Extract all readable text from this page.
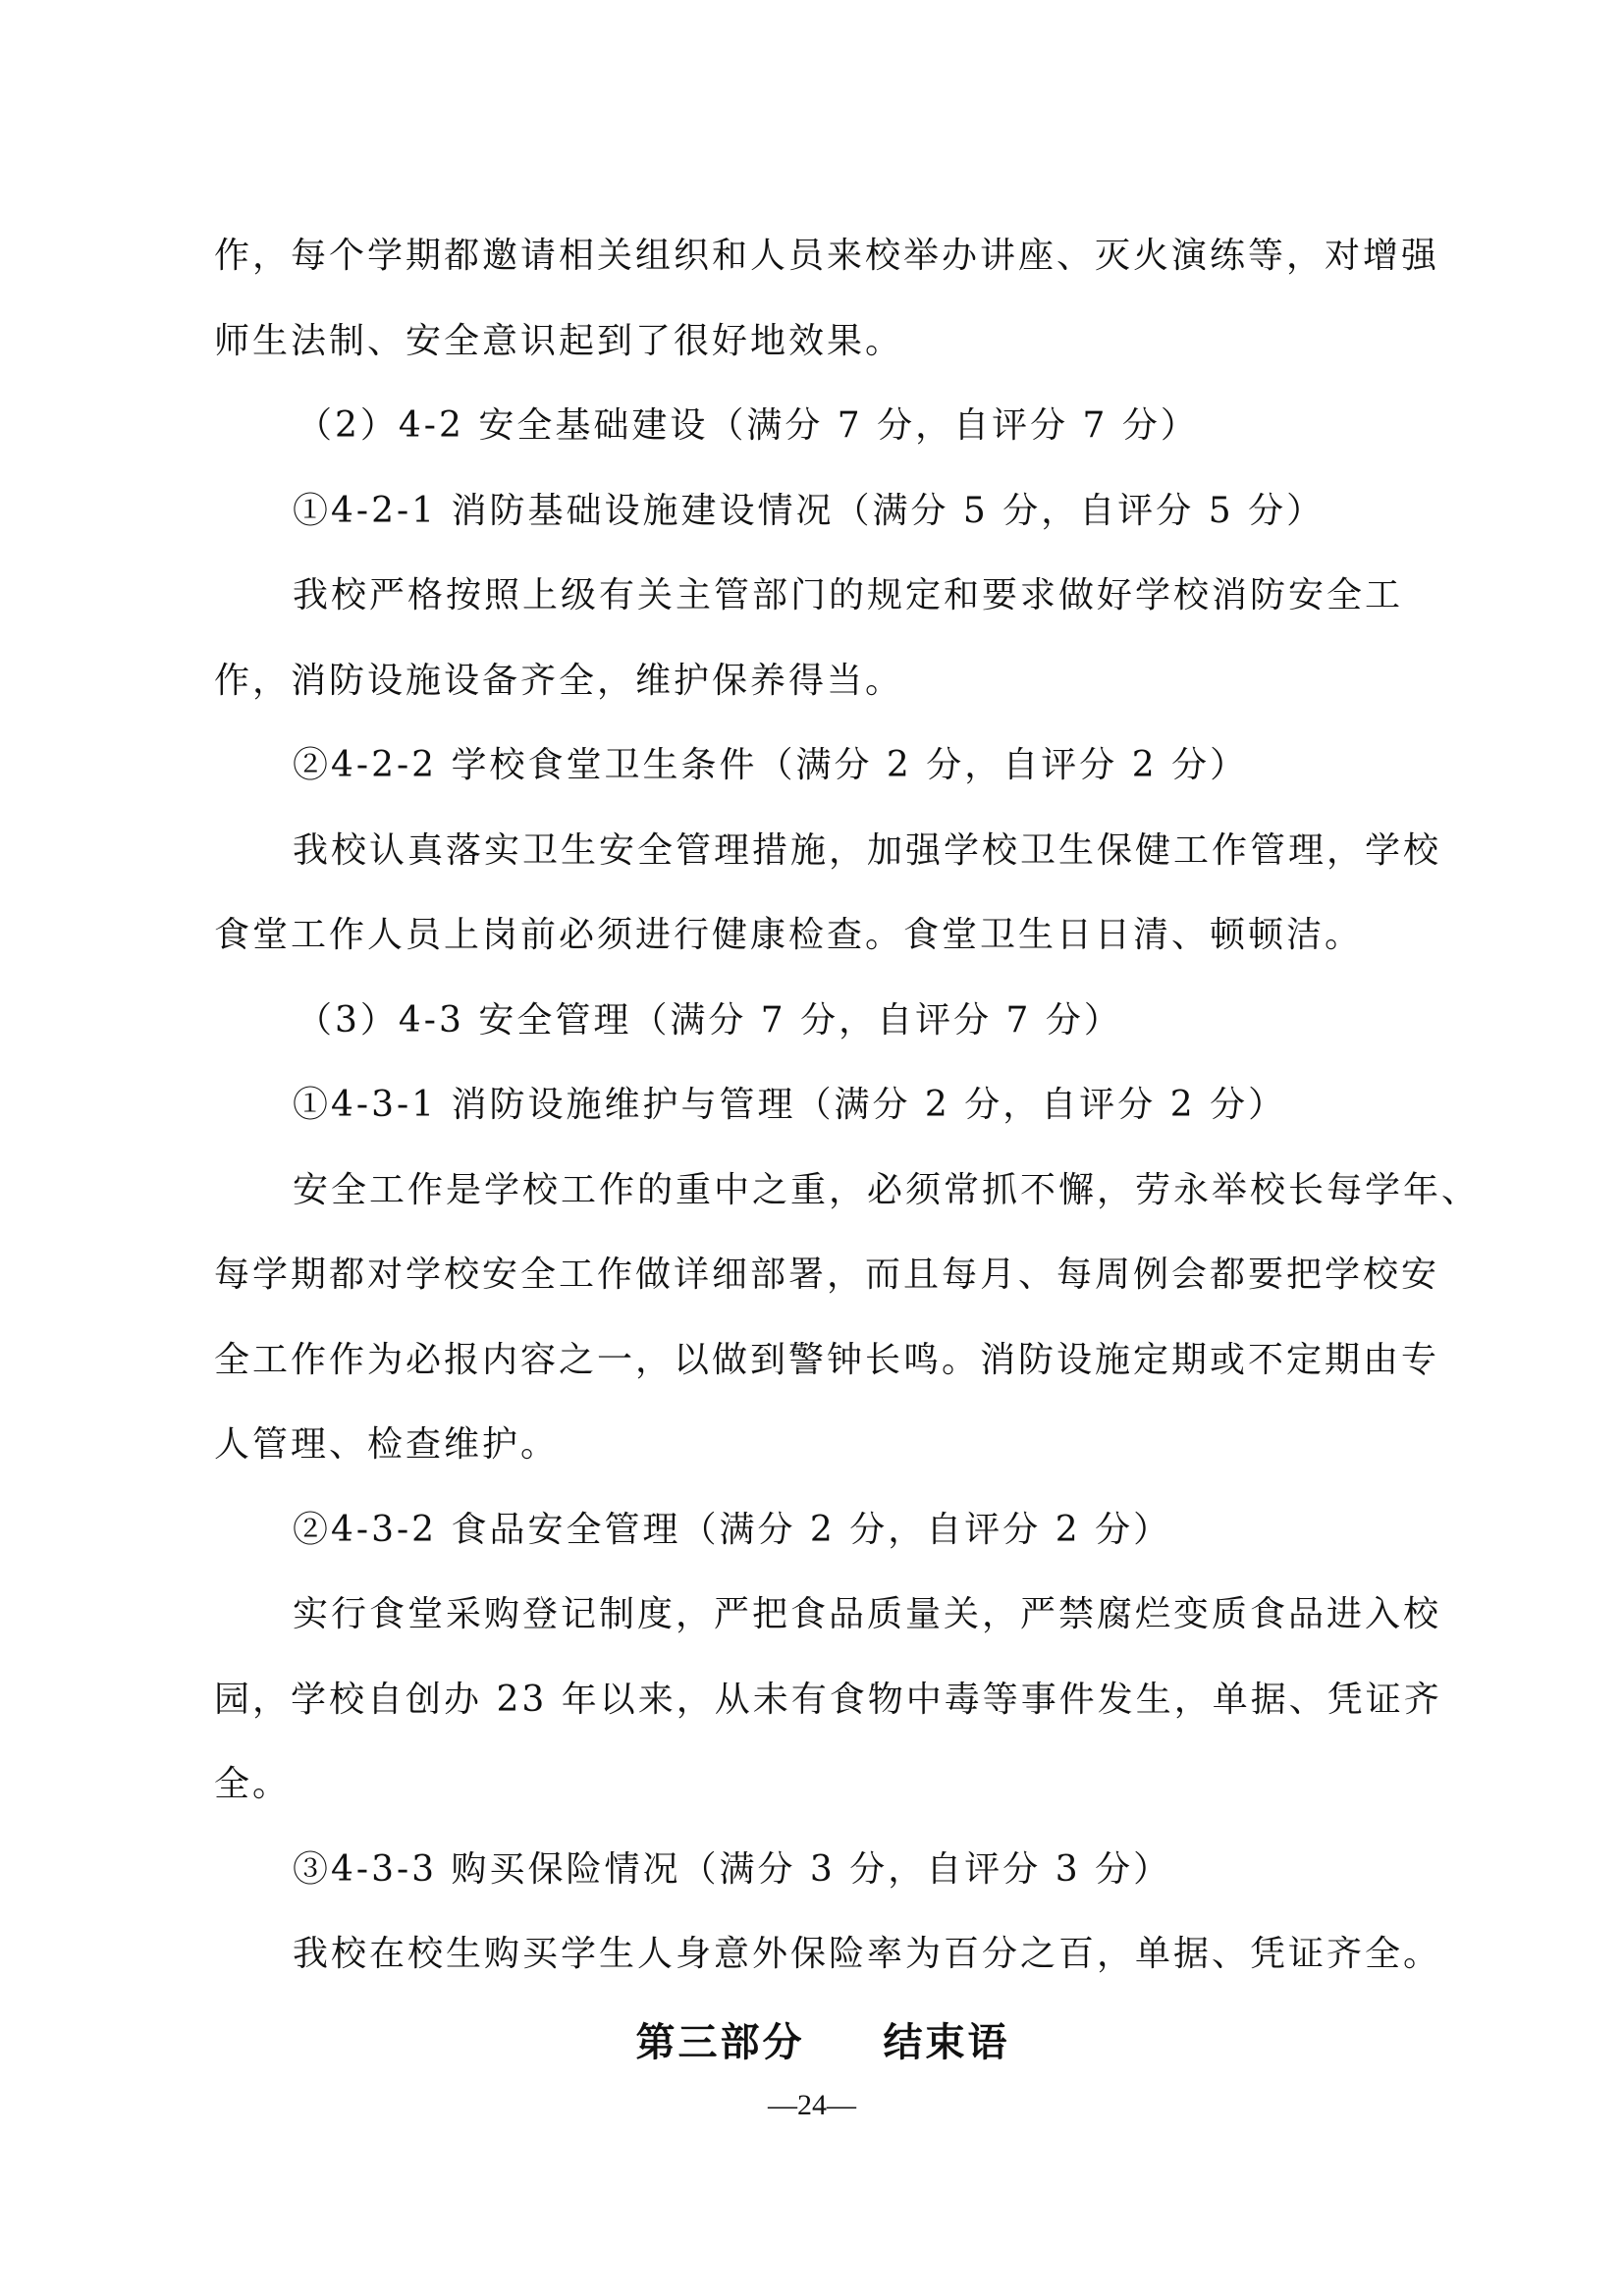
作，每个学期都邀请相关组织和人员来校举办讲座、灭火演练等，对增强
师生法制、安全意识起到了很好地效果。
（2）4-2 安全基础建设（满分 7 分，自评分 7 分）
①4-2-1 消防基础设施建设情况（满分 5 分，自评分 5 分）
我校严格按照上级有关主管部门的规定和要求做好学校消防安全工
作，消防设施设备齐全，维护保养得当。
②4-2-2 学校食堂卫生条件（满分 2 分，自评分 2 分）
我校认真落实卫生安全管理措施，加强学校卫生保健工作管理，学校
食堂工作人员上岗前必须进行健康检查。食堂卫生日日清、顿顿洁。
（3）4-3 安全管理（满分 7 分，自评分 7 分）
①4-3-1 消防设施维护与管理（满分 2 分，自评分 2 分）
安全工作是学校工作的重中之重，必须常抓不懈，劳永举校长每学年、
每学期都对学校安全工作做详细部署，而且每月、每周例会都要把学校安
全工作作为必报内容之一，以做到警钟长鸣。消防设施定期或不定期由专
人管理、检查维护。
②4-3-2 食品安全管理（满分 2 分，自评分 2 分）
实行食堂采购登记制度，严把食品质量关，严禁腐烂变质食品进入校
园，学校自创办 23 年以来，从未有食物中毒等事件发生，单据、凭证齐
全。
③4-3-3 购买保险情况（满分 3 分，自评分 3 分）
我校在校生购买学生人身意外保险率为百分之百，单据、凭证齐全。
第三部分 结束语
—24—
